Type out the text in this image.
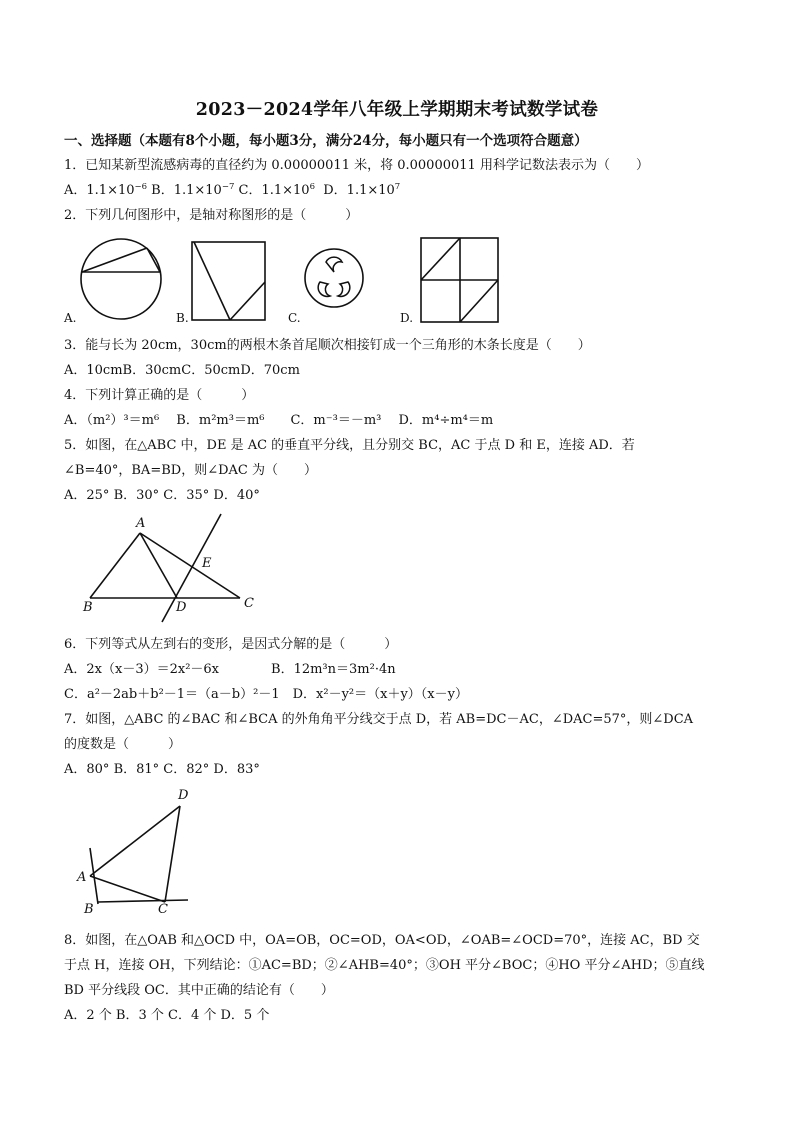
2023－2024学年八年级上学期期末考试数学试卷
一、选择题（本题有8个小题，每小题3分，满分24分，每小题只有一个选项符合题意）
1．已知某新型流感病毒的直径约为 0.00000011 米，将 0.00000011 用科学记数法表示为（　　）
A．$1.1\times 10^{-6}$ B．$1.1\times 10^{-7}$ C．$1.1\times 10^6$  D．$1.1\times 10^7$
2．下列几何图形中，是轴对称图形的是（　　　）
A.	B.	C.	D.
3．能与长为 20cm，30cm的两根木条首尾顺次相接钉成一个三角形的木条长度是（　　）
A．10cmB．30cmC．50cmD．70cm
4．下列计算正确的是（　　　）
A．（m²）³＝m⁶　 B．m²m³＝m⁶　　C．m⁻³＝－m³　 D．m⁴÷m⁴＝m
5．如图，在△ABC 中，DE 是 AC 的垂直平分线，且分别交 BC，AC 于点 D 和 E，连接 AD．若
∠B=40°，BA=BD，则∠DAC 为（　　）
A．25° B．30° C．35° D．40°
A
E
B	D	C
6．下列等式从左到右的变形，是因式分解的是（　　　）
A．2x（x－3）＝2x²－6x　　　　B．12m³n＝3m²·4n
C．a²－2ab＋b²－1＝（a－b）²－1　D．x²－y²＝（x＋y）（x－y）
7．如图，△ABC 的∠BAC 和∠BCA 的外角角平分线交于点 D，若 AB=DC－AC，∠DAC=57°，则∠DCA
的度数是（　　　）
A．80° B．81° C．82° D．83°
D
A
B	C
8．如图，在△OAB 和△OCD 中，OA=OB，OC=OD，OA<OD，∠OAB=∠OCD=70°，连接 AC，BD 交
于点 H，连接 OH，下列结论：①AC=BD；②∠AHB=40°；③OH 平分∠BOC；④HO 平分∠AHD；⑤直线
BD 平分线段 OC．其中正确的结论有（　　）
A．2 个 B．3 个 C．4 个 D．5 个
